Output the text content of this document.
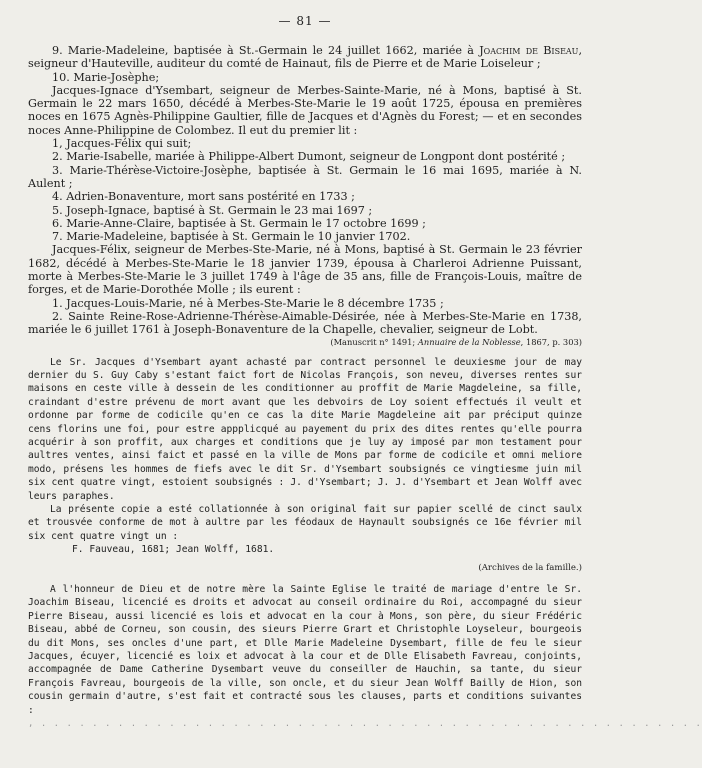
— 81 —

9. Marie-Madeleine, baptisée à St.-Germain le 24 juillet 1662, mariée à Joachim de Biseau, seigneur d'Hauteville, auditeur du comté de Hainaut, fils de Pierre et de Marie Loiseleur ;

10. Marie-Josèphe;

Jacques-Ignace d'Ysembart, seigneur de Merbes-Sainte-Marie, né à Mons, baptisé à St. Germain le 22 mars 1650, décédé à Merbes-Ste-Marie le 19 août 1725, épousa en premières noces en 1675 Agnès-Philippine Gaultier, fille de Jacques et d'Agnès du Forest; — et en secondes noces Anne-Philippine de Colombez. Il eut du premier lit :

1, Jacques-Félix qui suit;

2. Marie-Isabelle, mariée à Philippe-Albert Dumont, seigneur de Longpont dont postérité ;

3. Marie-Thérèse-Victoire-Josèphe, baptisée à St. Germain le 16 mai 1695, mariée à N. Aulent ;

4. Adrien-Bonaventure, mort sans postérité en 1733 ;

5. Joseph-Ignace, baptisé à St. Germain le 23 mai 1697 ;

6. Marie-Anne-Claire, baptisée à St. Germain le 17 octobre 1699 ;

7. Marie-Madeleine, baptisée à St. Germain le 10 janvier 1702.

Jacques-Félix, seigneur de Merbes-Ste-Marie, né à Mons, baptisé à St. Germain le 23 février 1682, décédé à Merbes-Ste-Marie le 18 janvier 1739, épousa à Charleroi Adrienne Puissant, morte à Merbes-Ste-Marie le 3 juillet 1749 à l'âge de 35 ans, fille de François-Louis, maître de forges, et de Marie-Dorothée Molle ; ils eurent :

1. Jacques-Louis-Marie, né à Merbes-Ste-Marie le 8 décembre 1735 ;

2. Sainte Reine-Rose-Adrienne-Thérèse-Aimable-Désirée, née à Merbes-Ste-Marie en 1738, mariée le 6 juillet 1761 à Joseph-Bonaventure de la Chapelle, chevalier, seigneur de Lobt.

(Manuscrit n° 1491; Annuaire de la Noblesse, 1867, p. 303)

Le Sr. Jacques d'Ysembart ayant achasté par contract personnel le deuxiesme jour de may dernier du S. Guy Caby s'estant faict fort de Nicolas François, son neveu, diverses rentes sur maisons en ceste ville à dessein de les conditionner au proffit de Marie Magdeleine, sa fille, craindant d'estre prévenu de mort avant que les debvoirs de Loy soient effectués il veult et ordonne par forme de codicile qu'en ce cas la dite Marie Magdeleine ait par préciput quinze cens florins une foi, pour estre appplicqué au payement du prix des dites rentes qu'elle pourra acquérir à son proffit, aux charges et conditions que je luy ay imposé par mon testament pour aultres ventes, ainsi faict et passé en la ville de Mons par forme de codicile et omni meliore modo, présens les hommes de fiefs avec le dit Sr. d'Ysembart soubsignés ce vingtiesme juin mil six cent quatre vingt, estoient soubsignés : J. d'Ysembart; J. J. d'Ysembart et Jean Wolff avec leurs paraphes.

La présente copie a esté collationnée à son original fait sur papier scellé de cinct saulx et trousvée conforme de mot à aultre par les féodaux de Haynault soubsignés ce 16e février mil six cent quatre vingt un :

F. Fauveau, 1681; Jean Wolff, 1681.

(Archives de la famille.)

A l'honneur de Dieu et de notre mère la Sainte Eglise le traité de mariage d'entre le Sr. Joachim Biseau, licencié es droits et advocat au conseil ordinaire du Roi, accompagné du sieur Pierre Biseau, aussi licencié es lois et advocat en la cour à Mons, son père, du sieur Frédéric Biseau, abbé de Corneu, son cousin, des sieurs Pierre Grart et Christophle Loyseleur, bourgeois du dit Mons, ses oncles d'une part, et Dlle Marie Madeleine Dysembart, fille de feu le sieur Jacques, écuyer, licencié es loix et advocat à la cour et de Dlle Elisabeth Favreau, conjoints, accompagnée de Dame Catherine Dysembart veuve du conseiller de Hauchin, sa tante, du sieur François Favreau, bourgeois de la ville, son oncle, et du sieur Jean Wolff Bailly de Hion, son cousin germain d'autre, s'est fait et contracté sous les clauses, parts et conditions suivantes :

, . . . . . . . . . . . . . . . . . . . . . . . . . . . . . . . . . . . . . . . . . . . . . . . . . . . .
